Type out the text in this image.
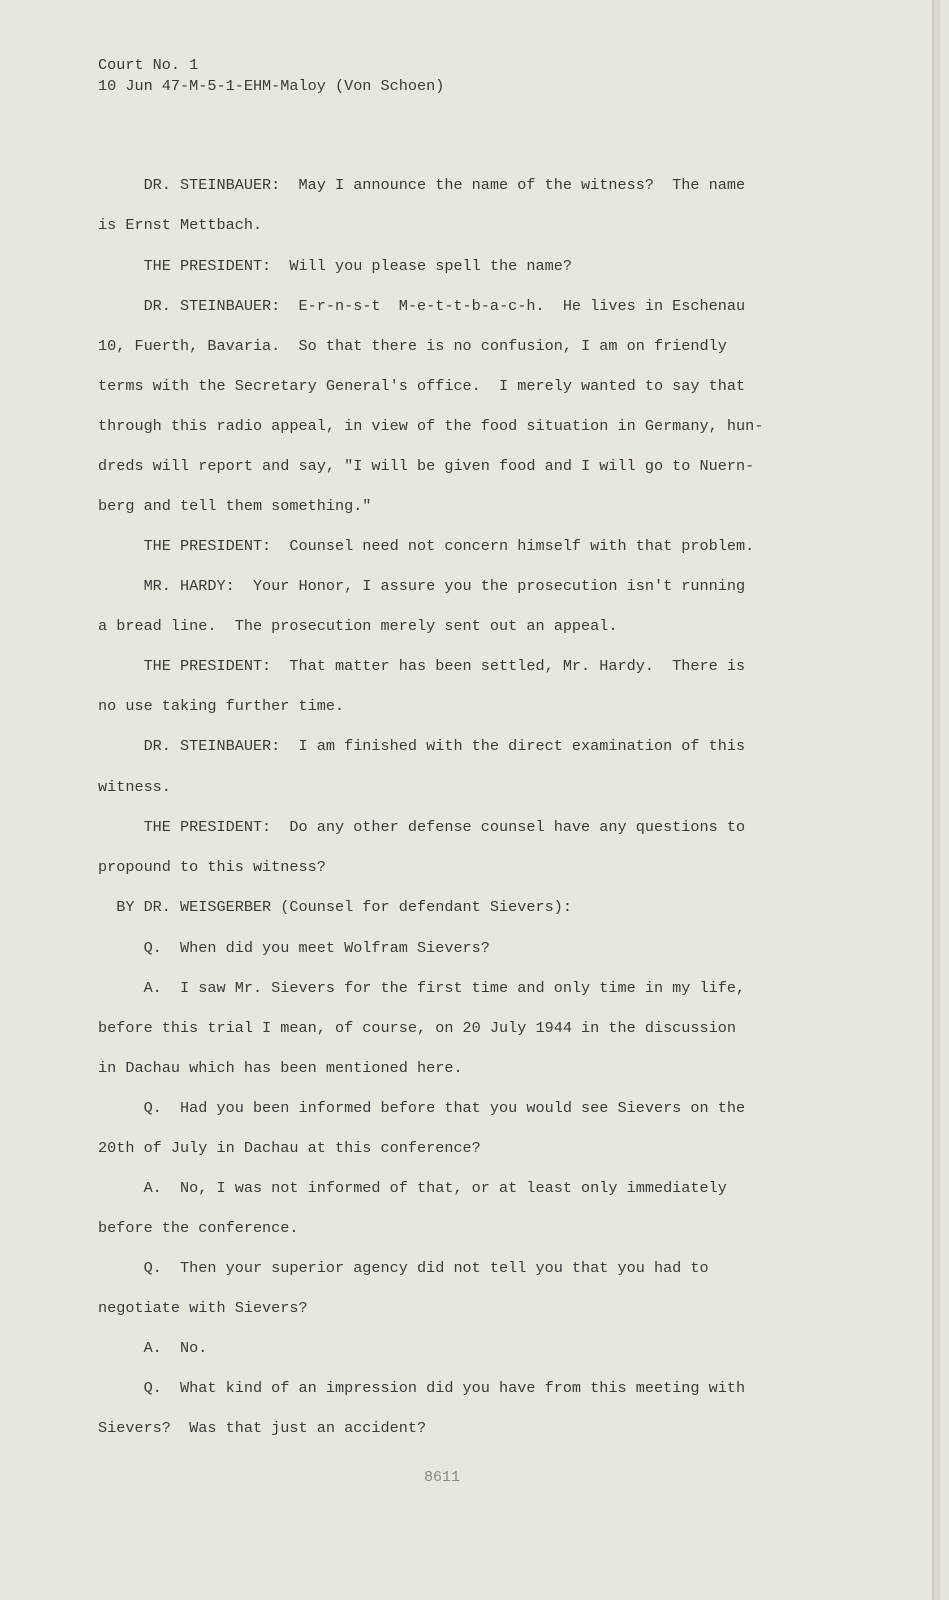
Court No. 1
10 Jun 47-M-5-1-EHM-Maloy (Von Schoen)
DR. STEINBAUER:  May I announce the name of the witness?  The name
is Ernst Mettbach.
THE PRESIDENT:  Will you please spell the name?
DR. STEINBAUER:  E-r-n-s-t  M-e-t-t-b-a-c-h.  He lives in Eschenau
10, Fuerth, Bavaria.  So that there is no confusion, I am on friendly
terms with the Secretary General's office.  I merely wanted to say that
through this radio appeal, in view of the food situation in Germany, hun-
dreds will report and say, "I will be given food and I will go to Nuern-
berg and tell them something."
THE PRESIDENT:  Counsel need not concern himself with that problem.
MR. HARDY:  Your Honor, I assure you the prosecution isn't running
a bread line.  The prosecution merely sent out an appeal.
THE PRESIDENT:  That matter has been settled, Mr. Hardy.  There is
no use taking further time.
DR. STEINBAUER:  I am finished with the direct examination of this
witness.
THE PRESIDENT:  Do any other defense counsel have any questions to
propound to this witness?
BY DR. WEISGERBER (Counsel for defendant Sievers):
Q.  When did you meet Wolfram Sievers?
A.  I saw Mr. Sievers for the first time and only time in my life,
before this trial I mean, of course, on 20 July 1944 in the discussion
in Dachau which has been mentioned here.
Q.  Had you been informed before that you would see Sievers on the
20th of July in Dachau at this conference?
A.  No, I was not informed of that, or at least only immediately
before the conference.
Q.  Then your superior agency did not tell you that you had to
negotiate with Sievers?
A.  No.
Q.  What kind of an impression did you have from this meeting with
Sievers?  Was that just an accident?
8611
